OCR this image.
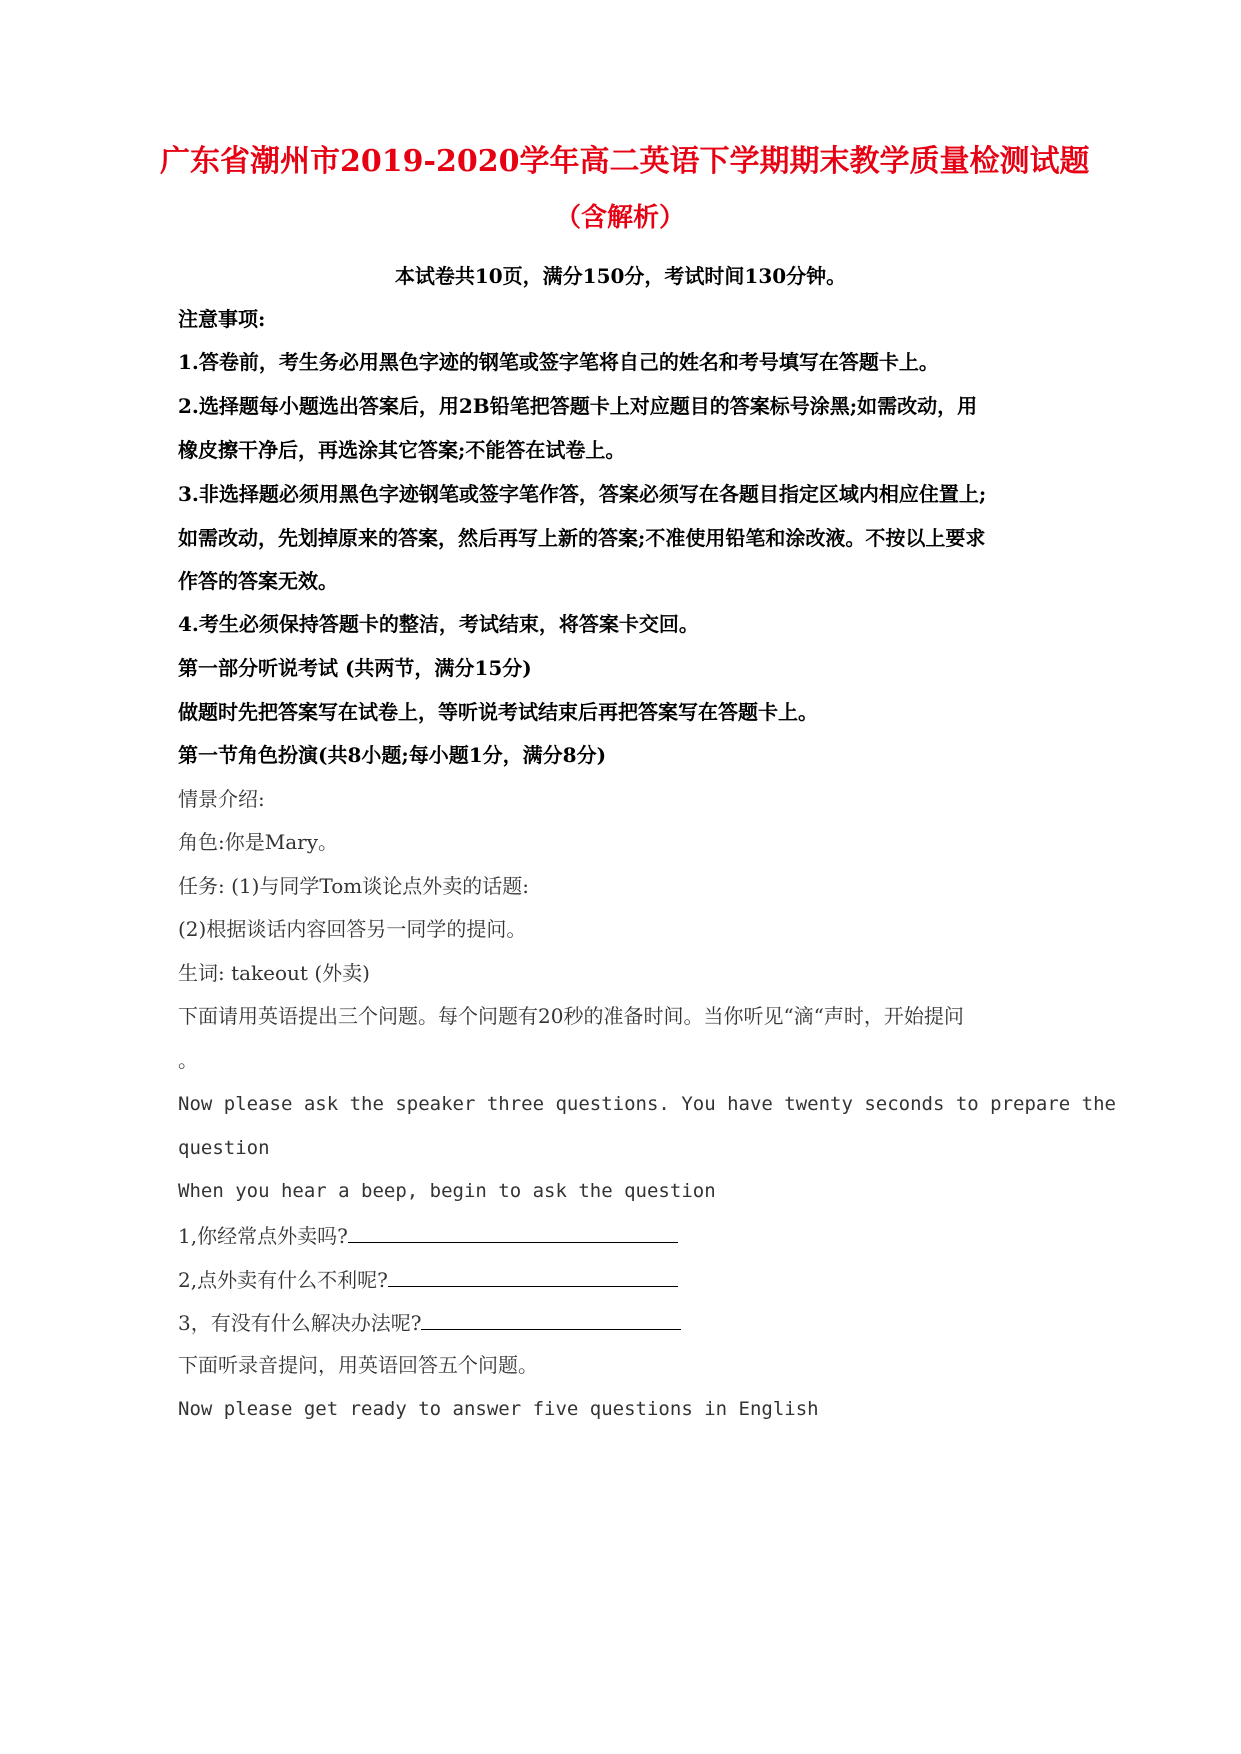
广东省潮州市2019-2020学年高二英语下学期期末教学质量检测试题
（含解析）
本试卷共10页，满分150分，考试时间130分钟。
注意事项:
1.答卷前，考生务必用黑色字迹的钢笔或签字笔将自己的姓名和考号填写在答题卡上。
2.选择题每小题选出答案后，用2B铅笔把答题卡上对应题目的答案标号涂黑;如需改动，用
橡皮擦干净后，再选涂其它答案;不能答在试卷上。
3.非选择题必须用黑色字迹钢笔或签字笔作答，答案必须写在各题目指定区域内相应住置上;
如需改动，先划掉原来的答案，然后再写上新的答案;不准使用铅笔和涂改液。不按以上要求
作答的答案无效。
4.考生必须保持答题卡的整洁，考试结束，将答案卡交回。
第一部分听说考试 (共两节，满分15分)
做题时先把答案写在试卷上，等听说考试结束后再把答案写在答题卡上。
第一节角色扮演(共8小题;每小题1分，满分8分)
情景介绍:
角色:你是Mary。
任务: (1)与同学Tom谈论点外卖的话题:
(2)根据谈话内容回答另一同学的提问。
生词: takeout (外卖)
下面请用英语提出三个问题。每个问题有20秒的准备时间。当你听见“滴“声时，开始提问
。
Now please ask the speaker three questions. You have twenty seconds to prepare the
question
When you hear a beep, begin to ask the question
1,你经常点外卖吗?
2,点外卖有什么不利呢?
3，有没有什么解决办法呢?
下面听录音提问，用英语回答五个问题。
Now please get ready to answer five questions in English
